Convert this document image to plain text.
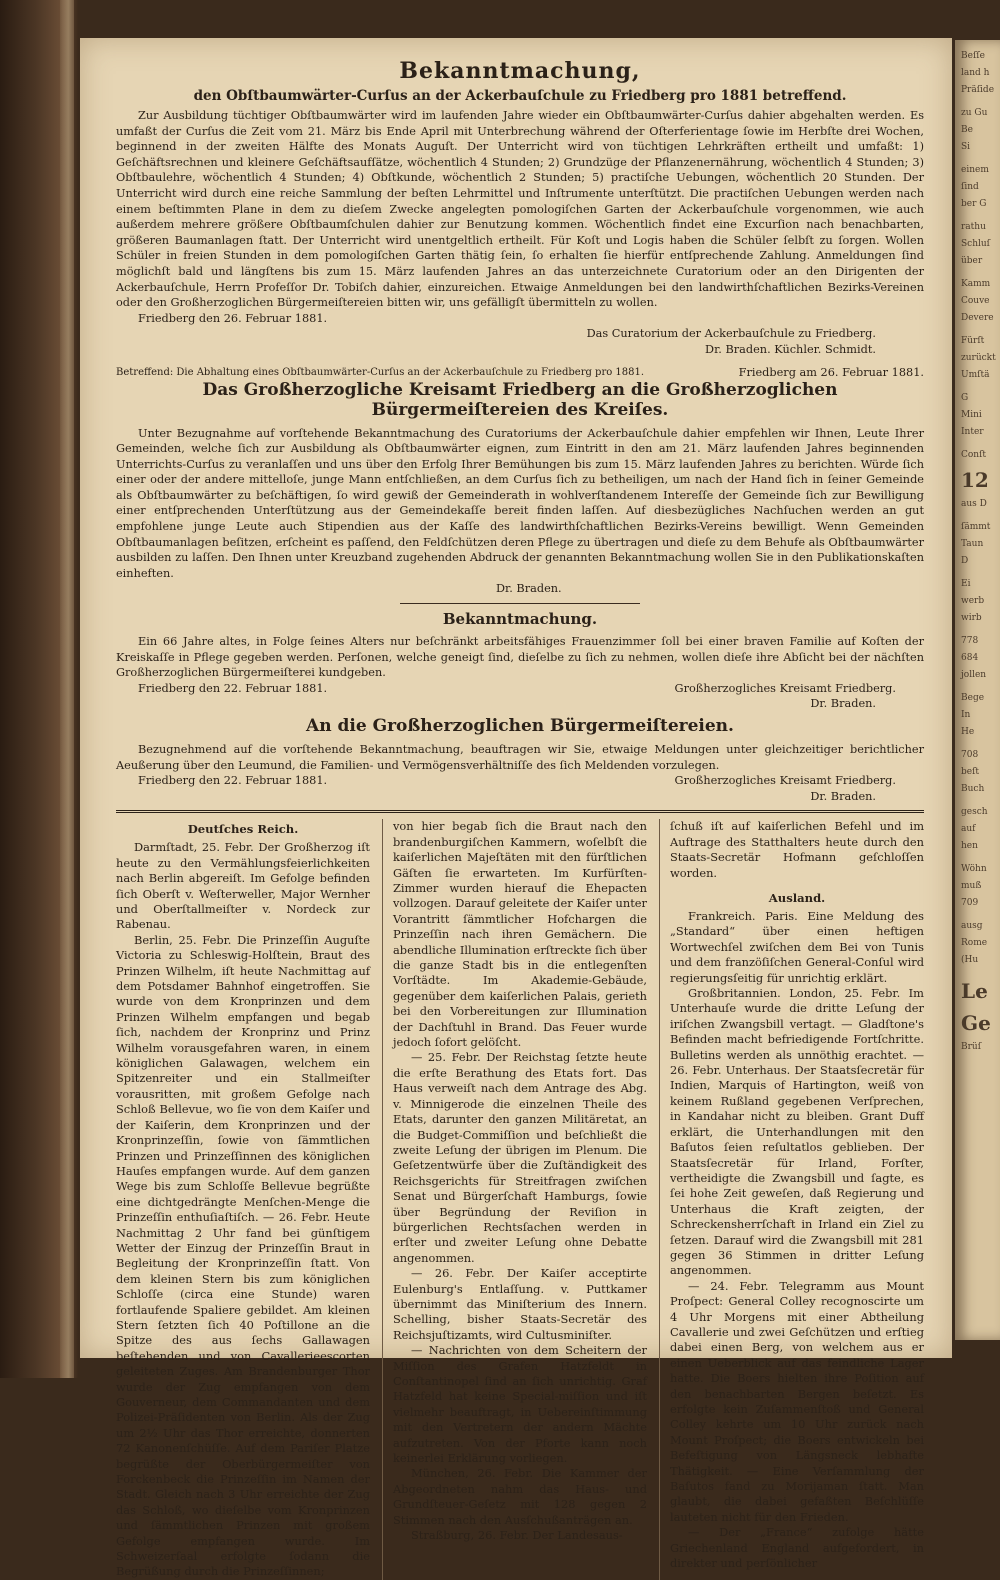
Beſſe
land h
Präſide
zu Gu
Be
Si
einem
ſind
ber G
rathu
Schluſ
über
Kamm
Couve
Devere
Fürſt
zurückt
Umſtä
G
Mini
Inter
Conſt
12
aus D
ſämmt
Taun
D
Ei
werb
wirb
778
684
jollen
Bege
In
He
708
beſt
Buch
gesch
auf
hen
Wöhn
muß
709
ausg
Rome
(Hu
Le
Ge
Brüſ
Bekanntmachung,
den Obſtbaumwärter-Curſus an der Ackerbauſchule zu Friedberg pro 1881 betreffend.

Zur Ausbildung tüchtiger Obſtbaumwärter wird im laufenden Jahre wieder ein Obſtbaumwärter-Curſus dahier abgehalten werden. Es umfaßt der Curſus die Zeit vom 21. März bis Ende April mit Unterbrechung während der Oſterferientage ſowie im Herbſte drei Wochen, beginnend in der zweiten Hälfte des Monats Auguſt. Der Unterricht wird von tüchtigen Lehrkräften ertheilt und umfaßt: 1) Geſchäftsrechnen und kleinere Geſchäftsaufſätze, wöchentlich 4 Stunden; 2) Grundzüge der Pflanzenernährung, wöchentlich 4 Stunden; 3) Obſtbaulehre, wöchentlich 4 Stunden; 4) Obſtkunde, wöchentlich 2 Stunden; 5) practiſche Uebungen, wöchentlich 20 Stunden. Der Unterricht wird durch eine reiche Sammlung der beſten Lehrmittel und Inſtrumente unterſtützt. Die practiſchen Uebungen werden nach einem beſtimmten Plane in dem zu dieſem Zwecke angelegten pomologiſchen Garten der Ackerbauſchule vorgenommen, wie auch außerdem mehrere größere Obſtbaumſchulen dahier zur Benutzung kommen. Wöchentlich findet eine Excurſion nach benachbarten, größeren Baumanlagen ſtatt. Der Unterricht wird unentgeltlich ertheilt. Für Koſt und Logis haben die Schüler ſelbſt zu ſorgen. Wollen Schüler in freien Stunden in dem pomologiſchen Garten thätig ſein, ſo erhalten ſie hierfür entſprechende Zahlung. Anmeldungen ſind möglichſt bald und längſtens bis zum 15. März laufenden Jahres an das unterzeichnete Curatorium oder an den Dirigenten der Ackerbauſchule, Herrn Profeſſor Dr. Tobiſch dahier, einzureichen. Etwaige Anmeldungen bei den landwirthſchaftlichen Bezirks-Vereinen oder den Großherzoglichen Bürgermeiſtereien bitten wir, uns gefälligſt übermitteln zu wollen.

Friedberg den 26. Februar 1881.
Das Curatorium der Ackerbauſchule zu Friedberg.
Dr. Braden. Küchler. Schmidt.
Betreffend: Die Abhaltung eines Obſtbaumwärter-Curſus an der Ackerbauſchule zu Friedberg pro 1881.	Friedberg am 26. Februar 1881.
Das Großherzogliche Kreisamt Friedberg an die Großherzoglichen Bürgermeiſtereien des Kreiſes.

Unter Bezugnahme auf vorſtehende Bekanntmachung des Curatoriums der Ackerbauſchule dahier empfehlen wir Ihnen, Leute Ihrer Gemeinden, welche ſich zur Ausbildung als Obſtbaumwärter eignen, zum Eintritt in den am 21. März laufenden Jahres beginnenden Unterrichts-Curſus zu veranlaſſen und uns über den Erfolg Ihrer Bemühungen bis zum 15. März laufenden Jahres zu berichten. Würde ſich einer oder der andere mittelloſe, junge Mann entſchließen, an dem Curſus ſich zu betheiligen, um nach der Hand ſich in ſeiner Gemeinde als Obſtbaumwärter zu beſchäftigen, ſo wird gewiß der Gemeinderath in wohlverſtandenem Intereſſe der Gemeinde ſich zur Bewilligung einer entſprechenden Unterſtützung aus der Gemeindekaſſe bereit finden laſſen. Auf diesbezügliches Nachſuchen werden an gut empfohlene junge Leute auch Stipendien aus der Kaſſe des landwirthſchaftlichen Bezirks-Vereins bewilligt. Wenn Gemeinden Obſtbaumanlagen beſitzen, erſcheint es paſſend, den Feldſchützen deren Pflege zu übertragen und dieſe zu dem Behufe als Obſtbaumwärter ausbilden zu laſſen. Den Ihnen unter Kreuzband zugehenden Abdruck der genannten Bekanntmachung wollen Sie in den Publikationskaſten einheften.

Dr. Braden.
Bekanntmachung.

Ein 66 Jahre altes, in Folge ſeines Alters nur beſchränkt arbeitsfähiges Frauenzimmer ſoll bei einer braven Familie auf Koſten der Kreiskaſſe in Pflege gegeben werden. Perſonen, welche geneigt ſind, dieſelbe zu ſich zu nehmen, wollen dieſe ihre Abſicht bei der nächſten Großherzoglichen Bürgermeiſterei kundgeben.

Friedberg den 22. Februar 1881.	Großherzogliches Kreisamt Friedberg.
Dr. Braden.
An die Großherzoglichen Bürgermeiſtereien.

Bezugnehmend auf die vorſtehende Bekanntmachung, beauftragen wir Sie, etwaige Meldungen unter gleichzeitiger berichtlicher Aeußerung über den Leumund, die Familien- und Vermögensverhältniſſe des ſich Meldenden vorzulegen.

Friedberg den 22. Februar 1881.	Großherzogliches Kreisamt Friedberg.
Dr. Braden.
Deutſches Reich.

Darmſtadt, 25. Febr. Der Großherzog iſt heute zu den Vermählungsfeierlichkeiten nach Berlin abgereiſt. Im Gefolge befinden ſich Oberſt v. Weſterweller, Major Wernher und Oberſtallmeiſter v. Nordeck zur Rabenau.

Berlin, 25. Febr. Die Prinzeſſin Auguſte Victoria zu Schleswig-Holſtein, Braut des Prinzen Wilhelm, iſt heute Nachmittag auf dem Potsdamer Bahnhof eingetroffen. Sie wurde von dem Kronprinzen und dem Prinzen Wilhelm empfangen und begab ſich, nachdem der Kronprinz und Prinz Wilhelm vorausgefahren waren, in einem königlichen Galawagen, welchem ein Spitzenreiter und ein Stallmeiſter vorausritten, mit großem Gefolge nach Schloß Bellevue, wo ſie von dem Kaiſer und der Kaiſerin, dem Kronprinzen und der Kronprinzeſſin, ſowie von ſämmtlichen Prinzen und Prinzeſſinnen des königlichen Hauſes empfangen wurde. Auf dem ganzen Wege bis zum Schloſſe Bellevue begrüßte eine dichtgedrängte Menſchen-Menge die Prinzeſſin enthuſiaſtiſch. — 26. Febr. Heute Nachmittag 2 Uhr fand bei günſtigem Wetter der Einzug der Prinzeſſin Braut in Begleitung der Kronprinzeſſin ſtatt. Von dem kleinen Stern bis zum königlichen Schloſſe (circa eine Stunde) waren fortlaufende Spaliere gebildet. Am kleinen Stern ſetzten ſich 40 Poſtillone an die Spitze des aus ſechs Gallawagen beſtehenden und von Cavallerieescorten geleiteten Zuges. Am Brandenburger Thor wurde der Zug empfangen von dem Gouverneur, dem Commandanten und dem Polizei-Präſidenten von Berlin. Als der Zug um 2½ Uhr das Thor erreichte, donnerten 72 Kanonenſchüſſe. Auf dem Pariſer Platze begrüßte der Oberbürgermeiſter von Forckenbeck die Prinzeſſin im Namen der Stadt. Gleich nach 3 Uhr erreichte der Zug das Schloß, wo dieſelbe vom Kronprinzen und ſämmtlichen Prinzen mit großem Gefolge empfangen wurde. Im Schweizerſaal erfolgte ſodann die Begrüßung durch die Prinzeſſinnen;

von hier begab ſich die Braut nach den brandenburgiſchen Kammern, woſelbſt die kaiſerlichen Majeſtäten mit den fürſtlichen Gäſten ſie erwarteten. Im Kurfürſten-Zimmer wurden hierauf die Ehepacten vollzogen. Darauf geleitete der Kaiſer unter Vorantritt ſämmtlicher Hofchargen die Prinzeſſin nach ihren Gemächern. Die abendliche Illumination erſtreckte ſich über die ganze Stadt bis in die entlegenſten Vorſtädte. Im Akademie-Gebäude, gegenüber dem kaiſerlichen Palais, gerieth bei den Vorbereitungen zur Illumination der Dachſtuhl in Brand. Das Feuer wurde jedoch ſofort gelöſcht.

— 25. Febr. Der Reichstag ſetzte heute die erſte Berathung des Etats fort. Das Haus verweiſt nach dem Antrage des Abg. v. Minnigerode die einzelnen Theile des Etats, darunter den ganzen Militäretat, an die Budget-Commiſſion und beſchließt die zweite Leſung der übrigen im Plenum. Die Geſetzentwürfe über die Zuſtändigkeit des Reichsgerichts für Streitfragen zwiſchen Senat und Bürgerſchaft Hamburgs, ſowie über Begründung der Reviſion in bürgerlichen Rechtsſachen werden in erſter und zweiter Leſung ohne Debatte angenommen.

— 26. Febr. Der Kaiſer acceptirte Eulenburg's Entlaſſung. v. Puttkamer übernimmt das Miniſterium des Innern. Schelling, bisher Staats-Secretär des Reichsjuſtizamts, wird Cultusminiſter.

— Nachrichten von dem Scheitern der Miſſion des Grafen Hatzfeldt in Conſtantinopel ſind an ſich unrichtig. Graf Hatzfeld hat keine Special-miſſion und iſt vielmehr beauftragt, in Uebereinſtimmung mit den Vertretern der andern Mächte aufzutreten. Von der Pforte kann noch keinerlei Erklärung vorliegen.

München, 26. Febr. Die Kammer der Abgeordneten nahm das Haus- und Grundſteuer-Geſetz mit 128 gegen 2 Stimmen nach den Ausſchußanträgen an.

Straßburg, 26. Febr. Der Landesaus-

ſchuß iſt auf kaiſerlichen Befehl und im Auftrage des Statthalters heute durch den Staats-Secretär Hofmann geſchloſſen worden.

Ausland.

Frankreich. Paris. Eine Meldung des „Standard“ über einen heftigen Wortwechſel zwiſchen dem Bei von Tunis und dem franzöſiſchen General-Conſul wird regierungsſeitig für unrichtig erklärt.

Großbritannien. London, 25. Febr. Im Unterhauſe wurde die dritte Leſung der iriſchen Zwangsbill vertagt. — Gladſtone's Befinden macht befriedigende Fortſchritte. Bulletins werden als unnöthig erachtet. — 26. Febr. Unterhaus. Der Staatsſecretär für Indien, Marquis of Hartington, weiß von keinem Rußland gegebenen Verſprechen, in Kandahar nicht zu bleiben. Grant Duff erklärt, die Unterhandlungen mit den Baſutos ſeien reſultatlos geblieben. Der Staatsſecretär für Irland, Forſter, vertheidigte die Zwangsbill und ſagte, es ſei hohe Zeit geweſen, daß Regierung und Unterhaus die Kraft zeigten, der Schreckensherrſchaft in Irland ein Ziel zu ſetzen. Darauf wird die Zwangsbill mit 281 gegen 36 Stimmen in dritter Leſung angenommen.

— 24. Febr. Telegramm aus Mount Proſpect: General Colley recognoscirte um 4 Uhr Morgens mit einer Abtheilung Cavallerie und zwei Geſchützen und erſtieg dabei einen Berg, von welchem aus er einen Ueberblick auf das feindliche Lager hatte. Die Boers hielten ihre Poſition auf den benachbarten Bergen beſetzt. Es erfolgte kein Zuſammenſtoß und General Colley kehrte um 10 Uhr zurück nach Mount Proſpect; die Boers entwickeln bei Befeſtigung von Längsneck lebhafte Thätigkeit. — Eine Verſammlung der Baſutos fand zu Morijaman ſtatt. Man glaubt, die dabei gefaßten Beſchlüſſe lauteten nicht für den Frieden.

— Der „France“ zufolge hätte Griechenland England aufgefordert, in direkter und perſönlicher
